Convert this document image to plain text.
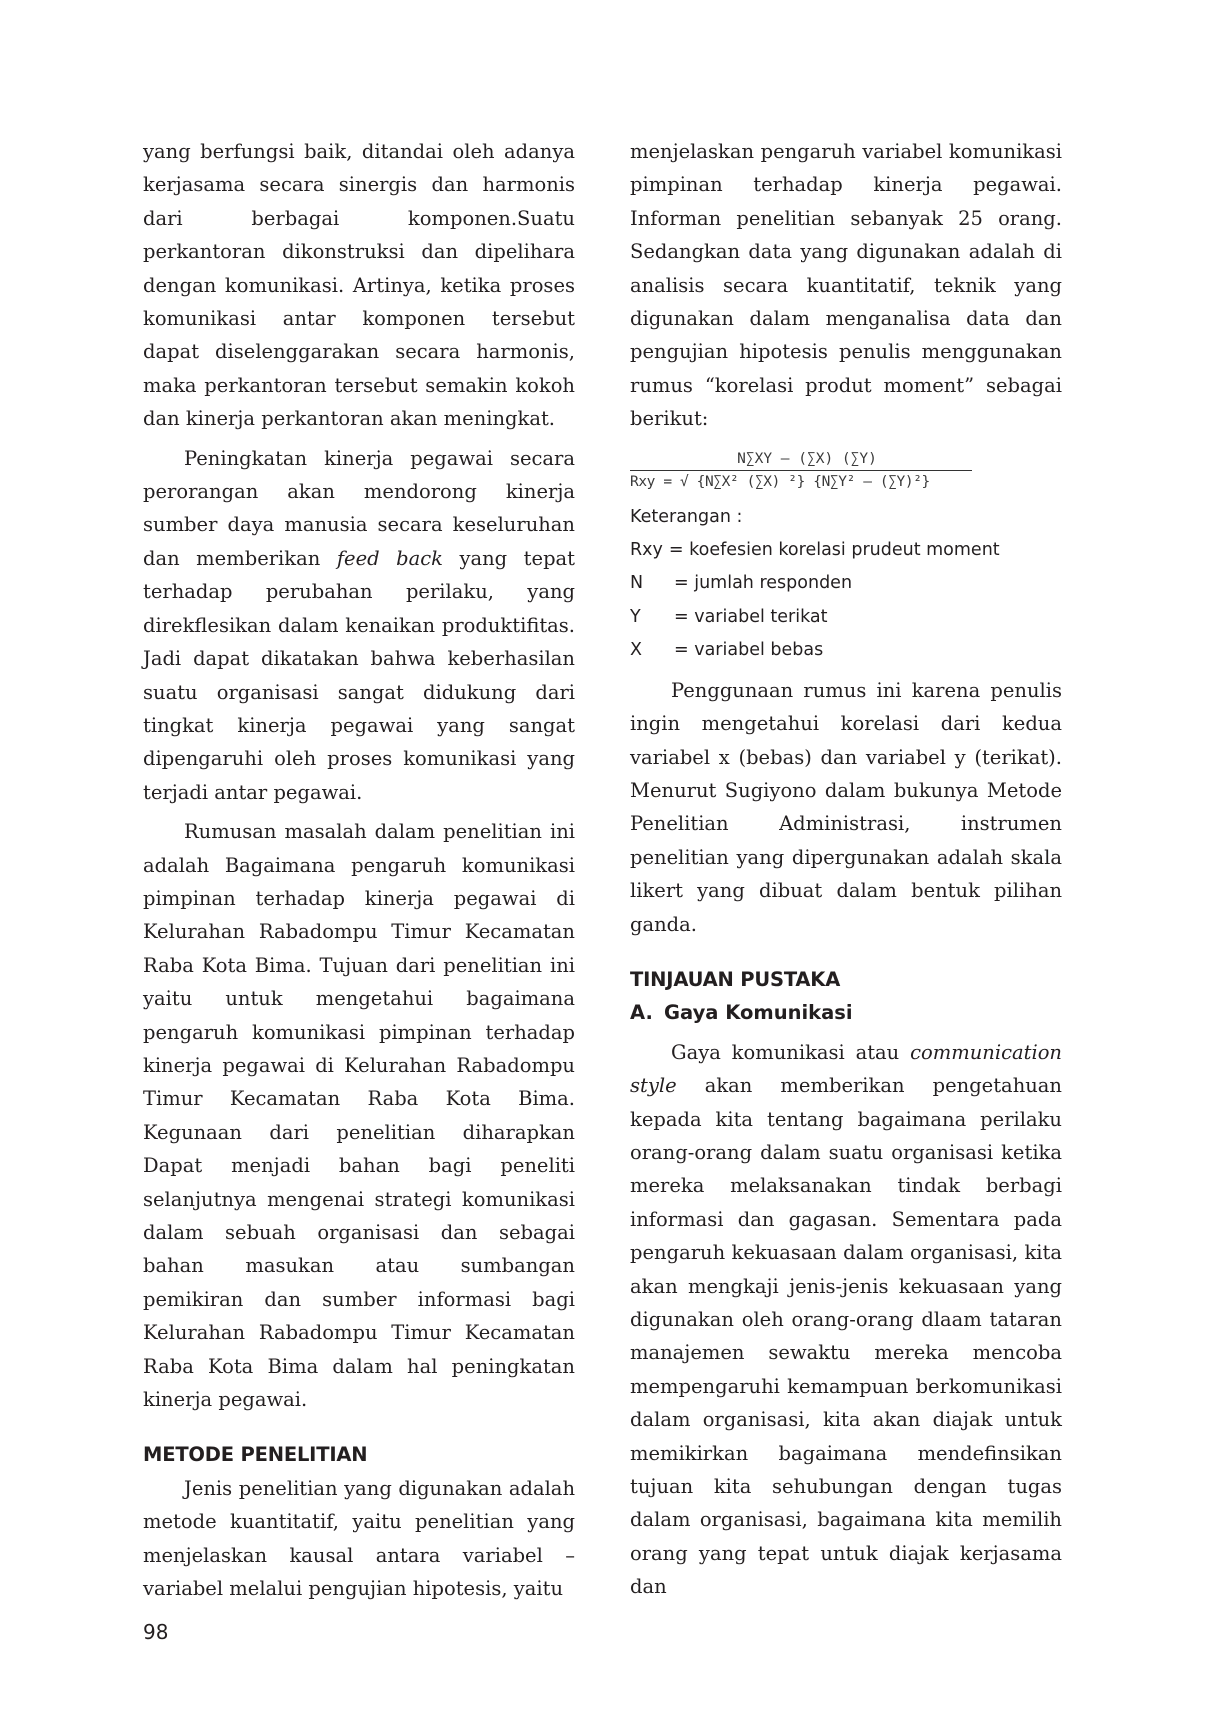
yang berfungsi baik, ditandai oleh adanya kerjasama secara sinergis dan harmonis dari berbagai komponen.Suatu perkantoran dikonstruksi dan dipelihara dengan komunikasi. Artinya, ketika proses komunikasi antar komponen tersebut dapat diselenggarakan secara harmonis, maka perkantoran tersebut semakin kokoh dan kinerja perkantoran akan meningkat.

Peningkatan kinerja pegawai secara perorangan akan mendorong kinerja sumber daya manusia secara keseluruhan dan memberikan feed back yang tepat terhadap perubahan perilaku, yang direkflesikan dalam kenaikan produktifitas. Jadi dapat dikatakan bahwa keberhasilan suatu organisasi sangat didukung dari tingkat kinerja pegawai yang sangat dipengaruhi oleh proses komunikasi yang terjadi antar pegawai.

Rumusan masalah dalam penelitian ini adalah Bagaimana pengaruh komunikasi pimpinan terhadap kinerja pegawai di Kelurahan Rabadompu Timur Kecamatan Raba Kota Bima. Tujuan dari penelitian ini yaitu untuk mengetahui bagaimana pengaruh komunikasi pimpinan terhadap kinerja pegawai di Kelurahan Rabadompu Timur Kecamatan Raba Kota Bima. Kegunaan dari penelitian diharapkan Dapat menjadi bahan bagi peneliti selanjutnya mengenai strategi komunikasi dalam sebuah organisasi dan sebagai bahan masukan atau sumbangan pemikiran dan sumber informasi bagi Kelurahan Rabadompu Timur Kecamatan Raba Kota Bima dalam hal peningkatan kinerja pegawai.

METODE PENELITIAN

Jenis penelitian yang digunakan adalah metode kuantitatif, yaitu penelitian yang menjelaskan kausal antara variabel – variabel melalui pengujian hipotesis, yaitu

menjelaskan pengaruh variabel komunikasi pimpinan terhadap kinerja pegawai. Informan penelitian sebanyak 25 orang. Sedangkan data yang digunakan adalah di analisis secara kuantitatif, teknik yang digunakan dalam menganalisa data dan pengujian hipotesis penulis menggunakan rumus “korelasi produt moment” sebagai berikut:

N∑XY – (∑X) (∑Y)
Rxy = √ {N∑X² (∑X) ²} {N∑Y² – (∑Y)²}
Keterangan :
Rxy = koefesien korelasi prudeut moment
N	= jumlah responden
Y	= variabel terikat
X	= variabel bebas

Penggunaan rumus ini karena penulis ingin mengetahui korelasi dari kedua variabel x (bebas) dan variabel y (terikat). Menurut Sugiyono dalam bukunya Metode Penelitian Administrasi, instrumen penelitian yang dipergunakan adalah skala likert yang dibuat dalam bentuk pilihan ganda.

TINJAUAN PUSTAKA
A. Gaya Komunikasi

Gaya komunikasi atau communication style akan memberikan pengetahuan kepada kita tentang bagaimana perilaku orang-orang dalam suatu organisasi ketika mereka melaksanakan tindak berbagi informasi dan gagasan. Sementara pada pengaruh kekuasaan dalam organisasi, kita akan mengkaji jenis-jenis kekuasaan yang digunakan oleh orang-orang dlaam tataran manajemen sewaktu mereka mencoba mempengaruhi kemampuan berkomunikasi dalam organisasi, kita akan diajak untuk memikirkan bagaimana mendefinsikan tujuan kita sehubungan dengan tugas dalam organisasi, bagaimana kita memilih orang yang tepat untuk diajak kerjasama dan

98
